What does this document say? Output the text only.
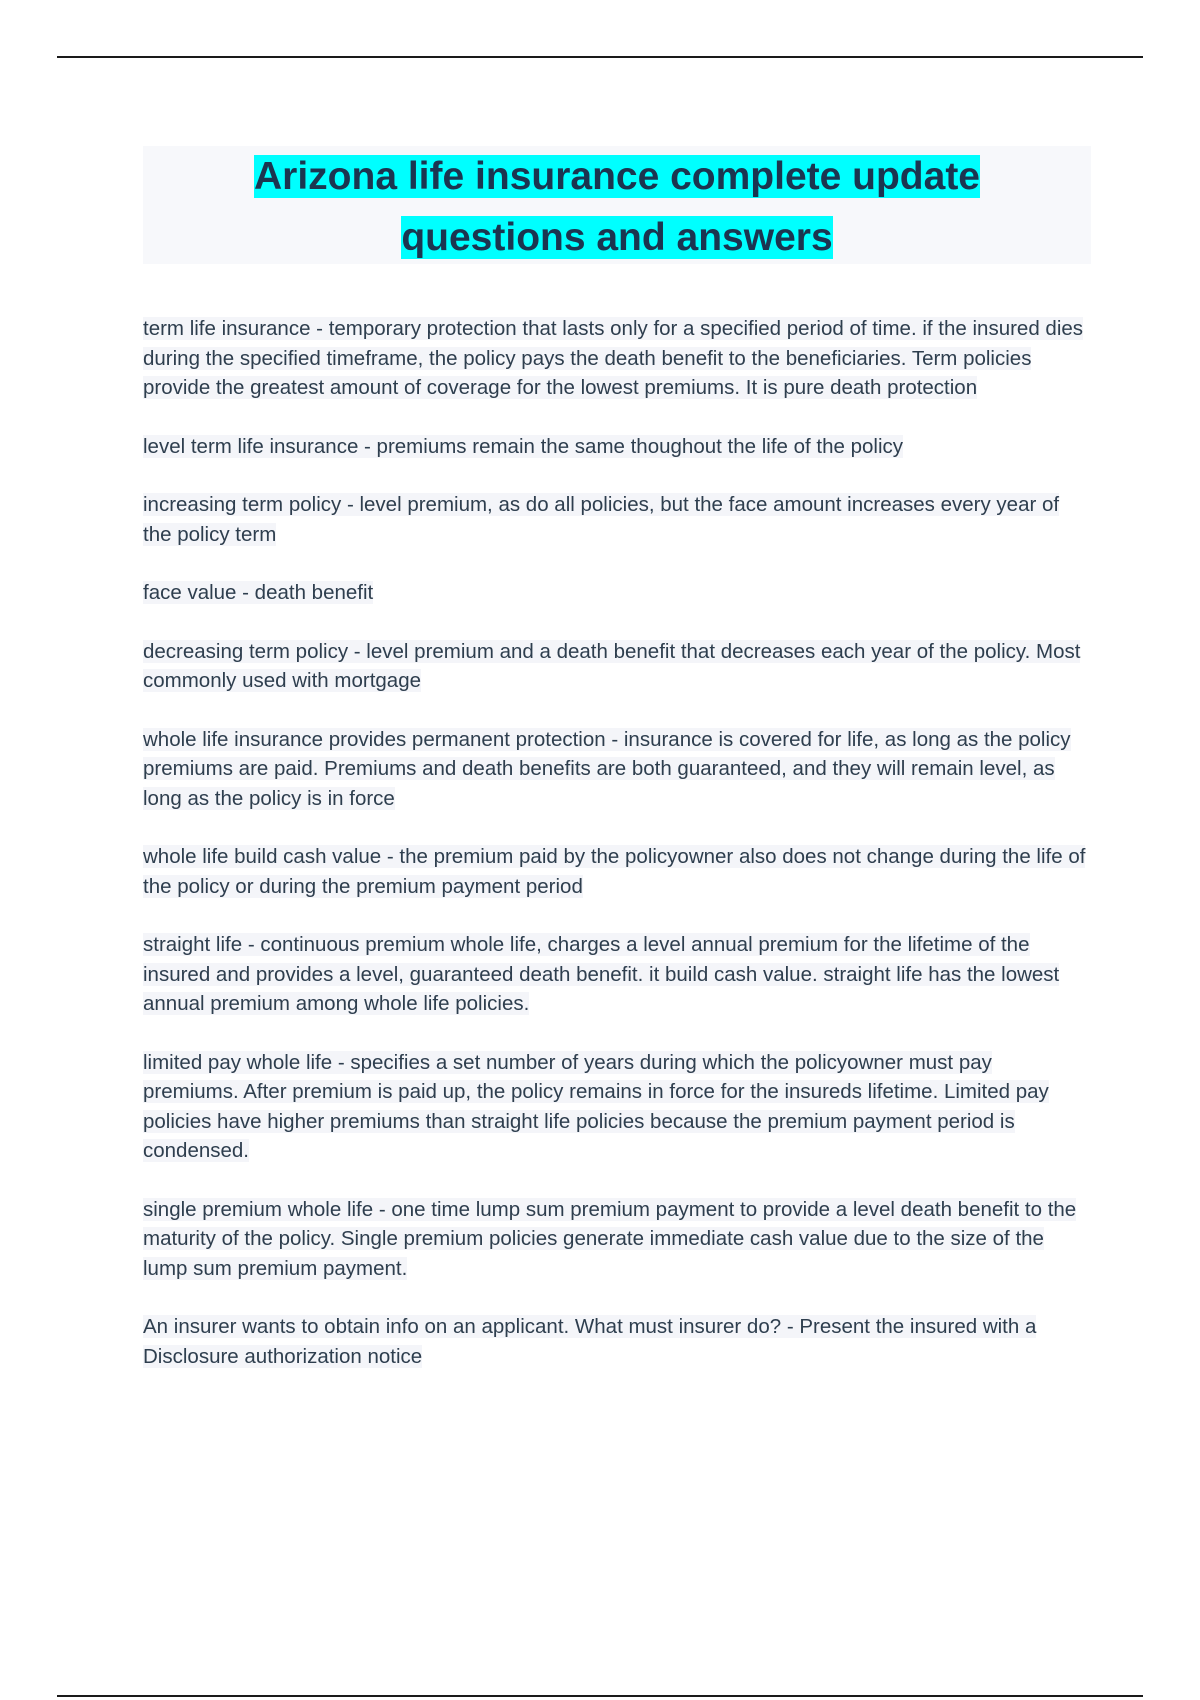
Arizona life insurance complete update questions and answers

term life insurance - temporary protection that lasts only for a specified period of time. if the insured dies during the specified timeframe, the policy pays the death benefit to the beneficiaries. Term policies provide the greatest amount of coverage for the lowest premiums. It is pure death protection

level term life insurance - premiums remain the same thoughout the life of the policy

increasing term policy - level premium, as do all policies, but the face amount increases every year of the policy term

face value - death benefit

decreasing term policy - level premium and a death benefit that decreases each year of the policy. Most commonly used with mortgage

whole life insurance provides permanent protection - insurance is covered for life, as long as the policy premiums are paid. Premiums and death benefits are both guaranteed, and they will remain level, as long as the policy is in force

whole life build cash value - the premium paid by the policyowner also does not change during the life of the policy or during the premium payment period

straight life - continuous premium whole life, charges a level annual premium for the lifetime of the insured and provides a level, guaranteed death benefit. it build cash value. straight life has the lowest annual premium among whole life policies.

limited pay whole life - specifies a set number of years during which the policyowner must pay premiums. After premium is paid up, the policy remains in force for the insureds lifetime. Limited pay policies have higher premiums than straight life policies because the premium payment period is condensed.

single premium whole life - one time lump sum premium payment to provide a level death benefit to the maturity of the policy. Single premium policies generate immediate cash value due to the size of the lump sum premium payment.

An insurer wants to obtain info on an applicant. What must insurer do? - Present the insured with a Disclosure authorization notice
